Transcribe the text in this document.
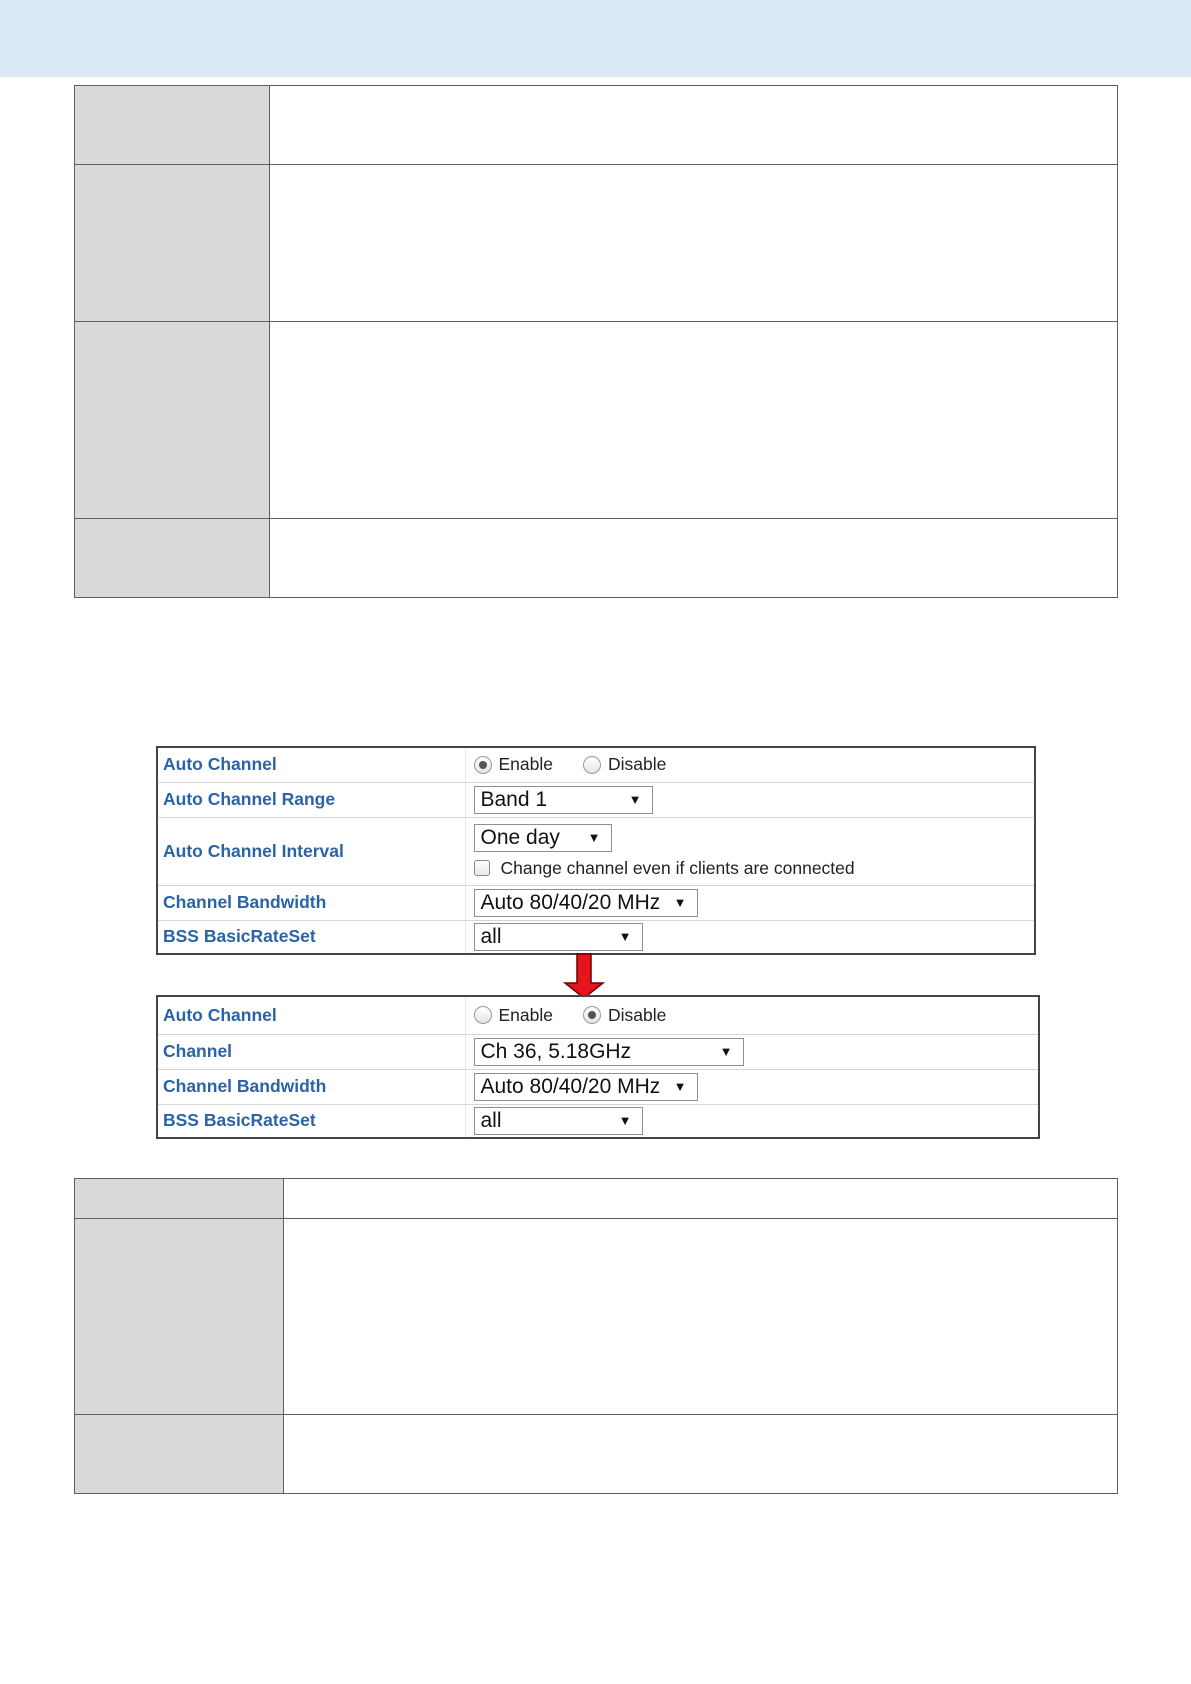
Auto Channel	Enable Disable

Auto Channel Range	Band 1 ▼

Auto Channel Interval	One day ▼
Change channel even if clients are connected

Channel Bandwidth	Auto 80/40/20 MHz ▼

BSS BasicRateSet	all ▼
Auto Channel	Enable Disable

Channel	Ch 36, 5.18GHz ▼

Channel Bandwidth	Auto 80/40/20 MHz ▼

BSS BasicRateSet	all ▼
